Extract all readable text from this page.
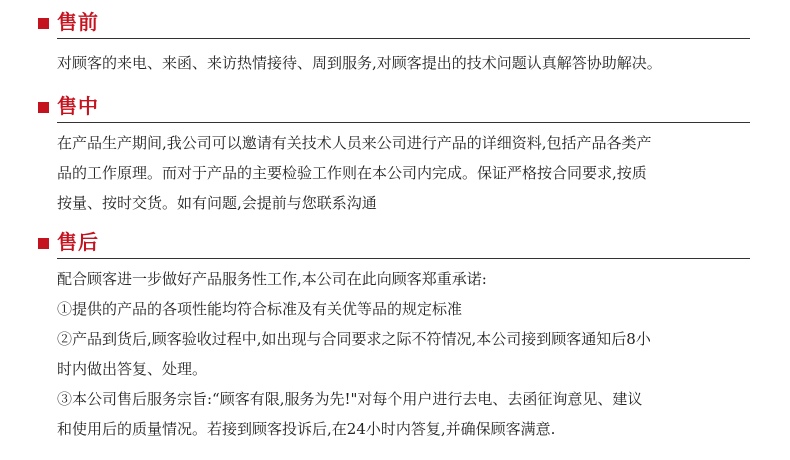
售前

对顾客的来电、来函、来访热情接待、周到服务,对顾客提出的技术问题认真解答协助解决。

售中

在产品生产期间,我公司可以邀请有关技术人员来公司进行产品的详细资料,包括产品各类产

品的工作原理。而对于产品的主要检验工作则在本公司内完成。保证严格按合同要求,按质

按量、按时交货。如有问题,会提前与您联系沟通

售后

配合顾客进一步做好产品服务性工作,本公司在此向顾客郑重承诺:

①提供的产品的各项性能均符合标准及有关优等品的规定标准

②产品到货后,顾客验收过程中,如出现与合同要求之际不符情况,本公司接到顾客通知后8小

时内做出答复、处理。

③本公司售后服务宗旨:“顾客有限,服务为先!"对每个用户进行去电、去函征询意见、建议

和使用后的质量情况。若接到顾客投诉后,在24小时内答复,并确保顾客满意.
